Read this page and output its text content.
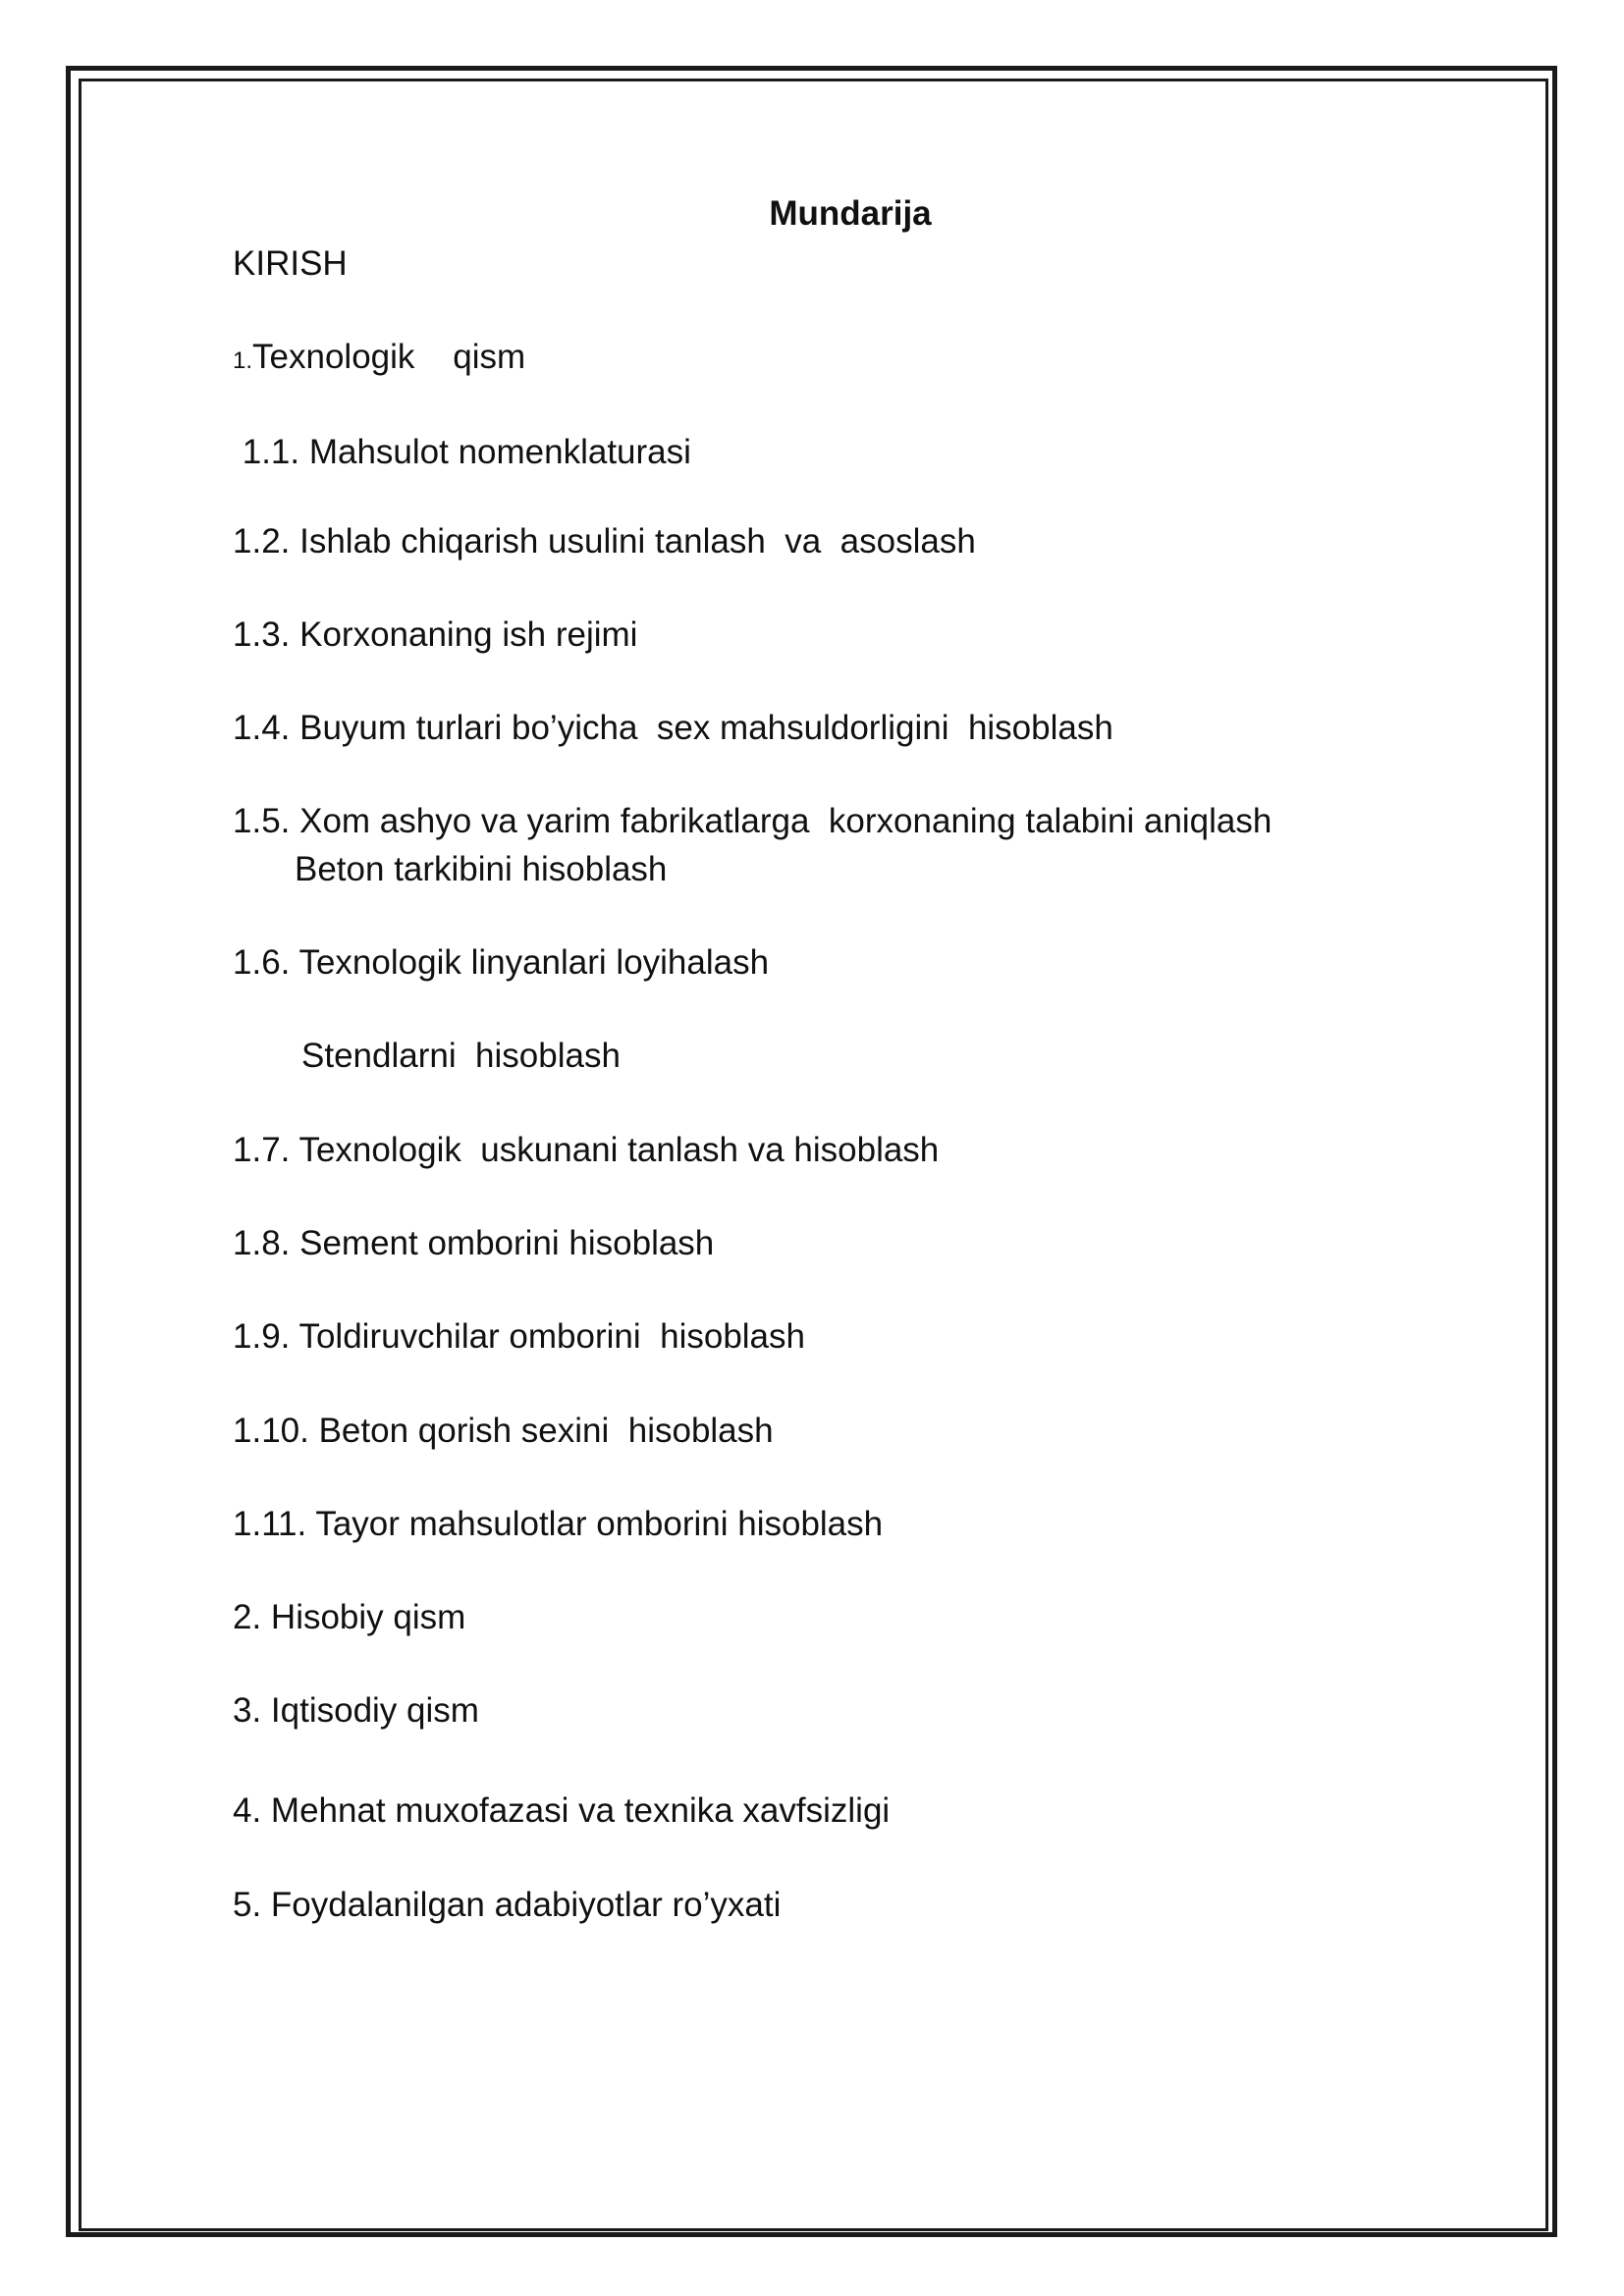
Mundarija
KIRISH
1.Texnologik    qism
1.1. Mahsulot nomenklaturasi
1.2. Ishlab chiqarish usulini tanlash  va  asoslash
1.3. Korxonaning ish rejimi
1.4. Buyum turlari bo’yicha  sex mahsuldorligini  hisoblash
1.5. Xom ashyo va yarim fabrikatlarga  korxonaning talabini aniqlash
Beton tarkibini hisoblash
1.6. Texnologik linyanlari loyihalash
Stendlarni  hisoblash
1.7. Texnologik  uskunani tanlash va hisoblash
1.8. Sement omborini hisoblash
1.9. Toldiruvchilar omborini  hisoblash
1.10. Beton qorish sexini  hisoblash
1.11. Tayor mahsulotlar omborini hisoblash
2. Hisobiy qism
3. Iqtisodiy qism
4. Mehnat muxofazasi va texnika xavfsizligi
5. Foydalanilgan adabiyotlar ro’yxati
